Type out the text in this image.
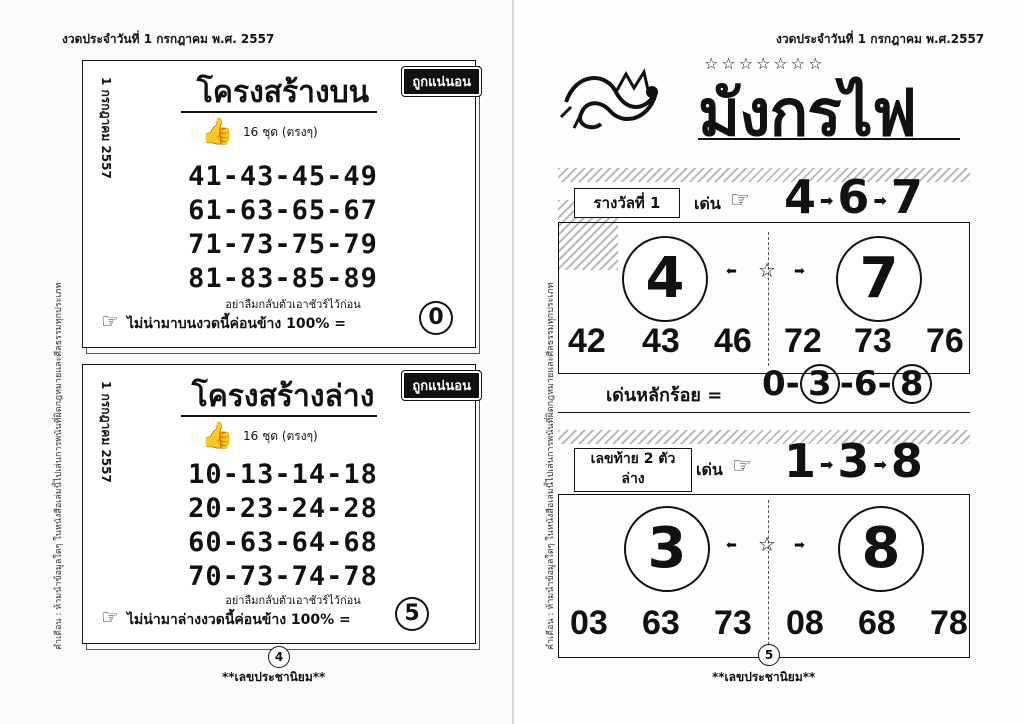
งวดประจำวันที่ 1 กรกฎาคม พ.ศ. 2557
คำเตือน : ห้ามนำข้อมูลใดๆ ในหนังสือเล่มนี้ไปเล่นการพนันที่ผิดกฎหมายและศีลธรรมทุกประเภท
ถูกแน่นอน
1 กรกฎาคม 2557	โครงสร้างบน
👍 16 ชุด (ตรงๆ)
41-43-45-49
61-63-65-67
71-73-75-79
81-83-85-89
อย่าลืมกลับตัวเอาชัวร์ไว้ก่อน
☞ ไม่น่ามาบนงวดนี้ค่อนข้าง 100% =	0
ถูกแน่นอน
1 กรกฎาคม 2557	โครงสร้างล่าง
👍 16 ชุด (ตรงๆ)
10-13-14-18
20-23-24-28
60-63-64-68
70-73-74-78
อย่าลืมกลับตัวเอาชัวร์ไว้ก่อน
☞ ไม่น่ามาล่างงวดนี้ค่อนข้าง 100% =	5
4
**เลขประชานิยม**
งวดประจำวันที่ 1 กรกฎาคม พ.ศ.2557
คำเตือน : ห้ามนำข้อมูลใดๆ ในหนังสือเล่มนี้ไปเล่นการพนันที่ผิดกฎหมายและศีลธรรมทุกประเภท
☆☆☆☆☆☆☆
มังกรไฟ
รางวัลที่ 1	เด่น ☞ 4 ➡6 ➡7
4	⬅ ☆ ➡ 7
42 43 46 72 73 76
เด่นหลักร้อย = 0- 3 -6- 8
เลขท้าย 2 ตัว
ล่าง	เด่น ☞ 1 ➡3 ➡8
3	⬅ ☆ ➡	8
03 63 73 08 68 78
5
**เลขประชานิยม**
